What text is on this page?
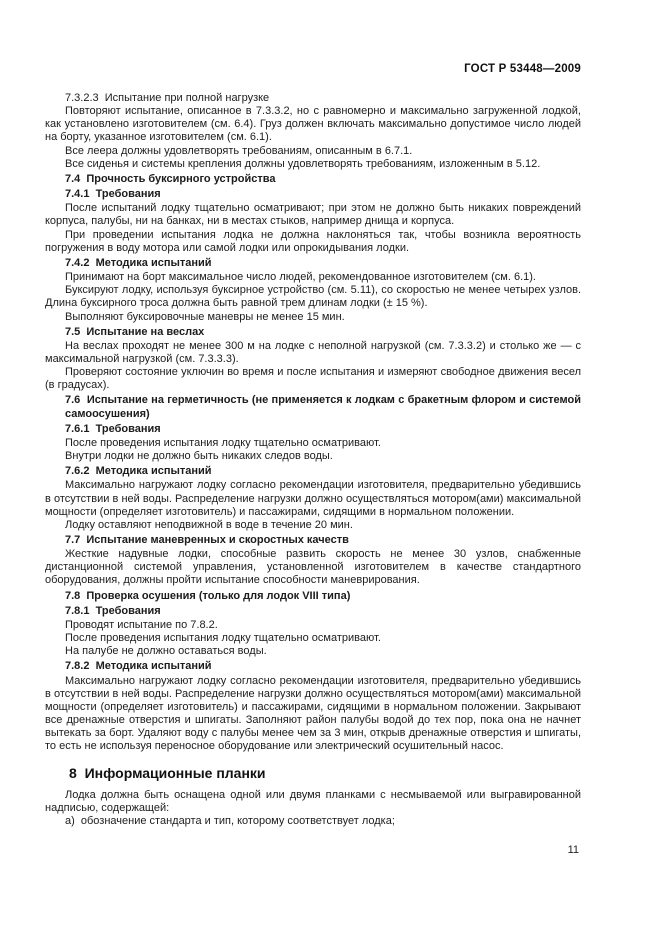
ГОСТ Р 53448—2009

7.3.2.3  Испытание при полной нагрузке

Повторяют испытание, описанное в 7.3.3.2, но с равномерно и максимально загруженной лодкой, как установлено изготовителем (см. 6.4). Груз должен включать максимально допустимое число людей на борту, указанное изготовителем (см. 6.1).

Все леера должны удовлетворять требованиям, описанным в 6.7.1.

Все сиденья и системы крепления должны удовлетворять требованиям, изложенным в 5.12.

7.4  Прочность буксирного устройства

7.4.1  Требования

После испытаний лодку тщательно осматривают; при этом не должно быть никаких повреждений корпуса, палубы, ни на банках, ни в местах стыков, например днища и корпуса.

При проведении испытания лодка не должна наклоняться так, чтобы возникла вероятность погружения в воду мотора или самой лодки или опрокидывания лодки.

7.4.2  Методика испытаний

Принимают на борт максимальное число людей, рекомендованное изготовителем (см. 6.1).

Буксируют лодку, используя буксирное устройство (см. 5.11), со скоростью не менее четырех узлов. Длина буксирного троса должна быть равной трем длинам лодки (± 15 %).

Выполняют буксировочные маневры не менее 15 мин.

7.5  Испытание на веслах

На веслах проходят не менее 300 м на лодке с неполной нагрузкой (см. 7.3.3.2) и столько же — с максимальной нагрузкой (см. 7.3.3.3).

Проверяют состояние уключин во время и после испытания и измеряют свободное движения весел (в градусах).

7.6  Испытание на герметичность (не применяется к лодкам с бракетным флором и системой самоосушения)

7.6.1  Требования

После проведения испытания лодку тщательно осматривают.

Внутри лодки не должно быть никаких следов воды.

7.6.2  Методика испытаний

Максимально нагружают лодку согласно рекомендации изготовителя, предварительно убедившись в отсутствии в ней воды. Распределение нагрузки должно осуществляться мотором(ами) максимальной мощности (определяет изготовитель) и пассажирами, сидящими в нормальном положении.

Лодку оставляют неподвижной в воде в течение 20 мин.

7.7  Испытание маневренных и скоростных качеств

Жесткие надувные лодки, способные развить скорость не менее 30 узлов, снабженные дистанционной системой управления, установленной изготовителем в качестве стандартного оборудования, должны пройти испытание способности маневрирования.

7.8  Проверка осушения (только для лодок VIII типа)

7.8.1  Требования

Проводят испытание по 7.8.2.

После проведения испытания лодку тщательно осматривают.

На палубе не должно оставаться воды.

7.8.2  Методика испытаний

Максимально нагружают лодку согласно рекомендации изготовителя, предварительно убедившись в отсутствии в ней воды. Распределение нагрузки должно осуществляться мотором(ами) максимальной мощности (определяет изготовитель) и пассажирами, сидящими в нормальном положении. Закрывают все дренажные отверстия и шпигаты. Заполняют район палубы водой до тех пор, пока она не начнет вытекать за борт. Удаляют воду с палубы менее чем за 3 мин, открыв дренажные отверстия и шпигаты, то есть не используя переносное оборудование или электрический осушительный насос.

8  Информационные планки

Лодка должна быть оснащена одной или двумя планками с несмываемой или выгравированной надписью, содержащей:

а)  обозначение стандарта и тип, которому соответствует лодка;

11
